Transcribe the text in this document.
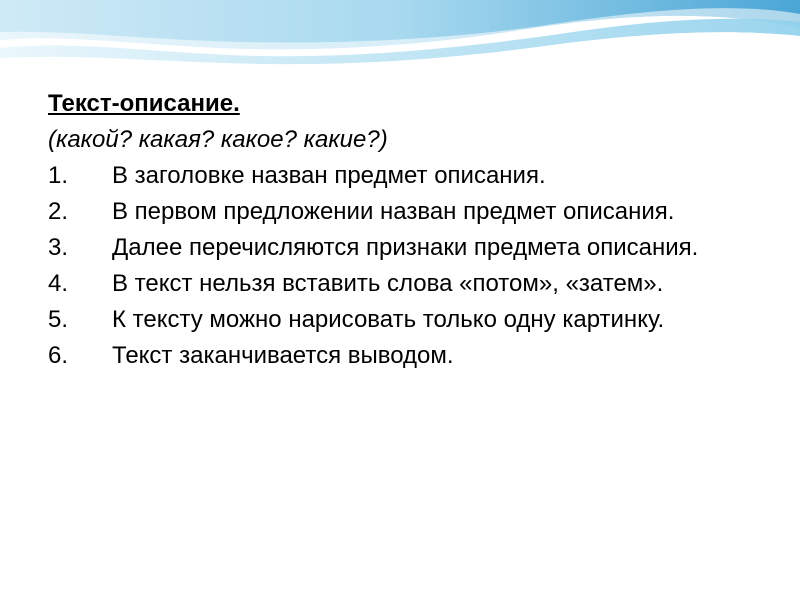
Текст-описание.

(какой? какая? какое? какие?)

1. В заголовке назван предмет описания.
2. В первом предложении назван предмет описания.
3. Далее перечисляются признаки предмета описания.
4. В текст нельзя вставить слова «потом», «затем».
5. К тексту можно нарисовать только одну картинку.
6. Текст заканчивается выводом.
